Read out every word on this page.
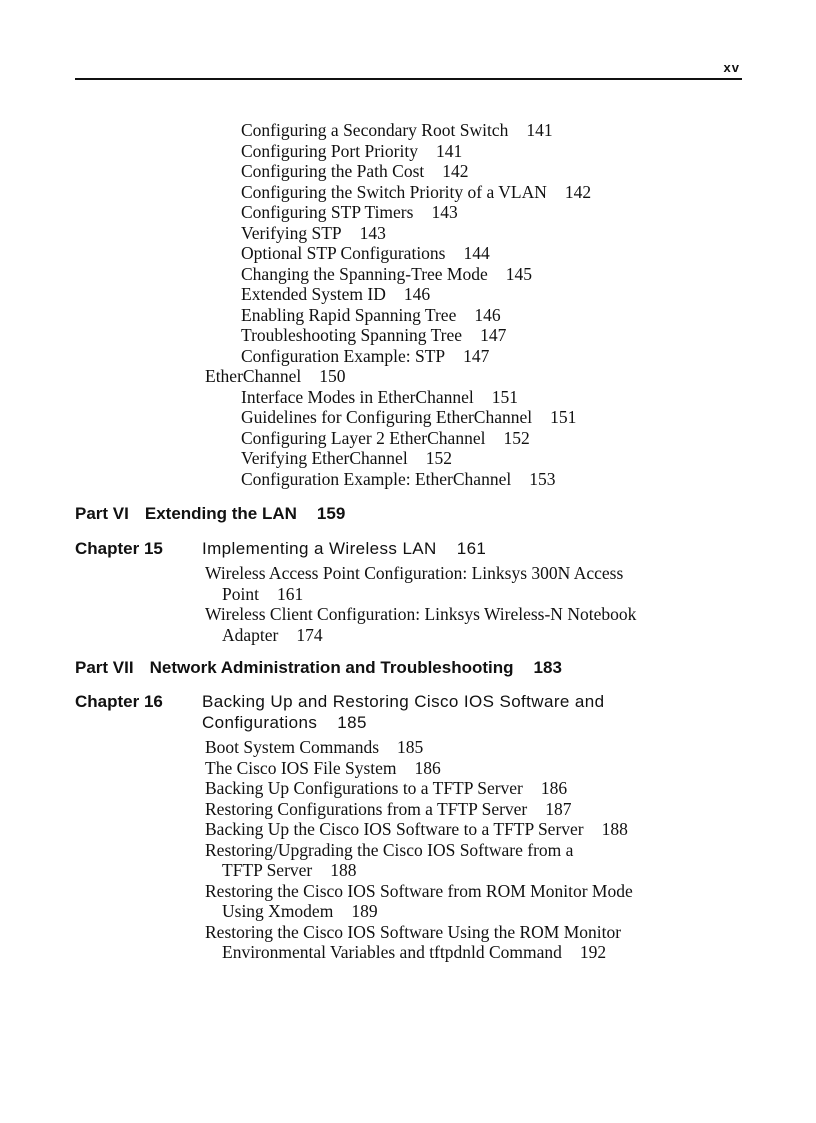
xv
Configuring a Secondary Root Switch 141
Configuring Port Priority 141
Configuring the Path Cost 142
Configuring the Switch Priority of a VLAN 142
Configuring STP Timers 143
Verifying STP 143
Optional STP Configurations 144
Changing the Spanning-Tree Mode 145
Extended System ID 146
Enabling Rapid Spanning Tree 146
Troubleshooting Spanning Tree 147
Configuration Example: STP 147
EtherChannel 150
Interface Modes in EtherChannel 151
Guidelines for Configuring EtherChannel 151
Configuring Layer 2 EtherChannel 152
Verifying EtherChannel 152
Configuration Example: EtherChannel 153
Part VI Extending the LAN 159
Chapter 15 Implementing a Wireless LAN 161
Wireless Access Point Configuration: Linksys 300N Access
Point 161
Wireless Client Configuration: Linksys Wireless-N Notebook
Adapter 174
Part VII Network Administration and Troubleshooting 183
Chapter 16 Backing Up and Restoring Cisco IOS Software and
Configurations 185
Boot System Commands 185
The Cisco IOS File System 186
Backing Up Configurations to a TFTP Server 186
Restoring Configurations from a TFTP Server 187
Backing Up the Cisco IOS Software to a TFTP Server 188
Restoring/Upgrading the Cisco IOS Software from a
TFTP Server 188
Restoring the Cisco IOS Software from ROM Monitor Mode
Using Xmodem 189
Restoring the Cisco IOS Software Using the ROM Monitor
Environmental Variables and tftpdnld Command 192
